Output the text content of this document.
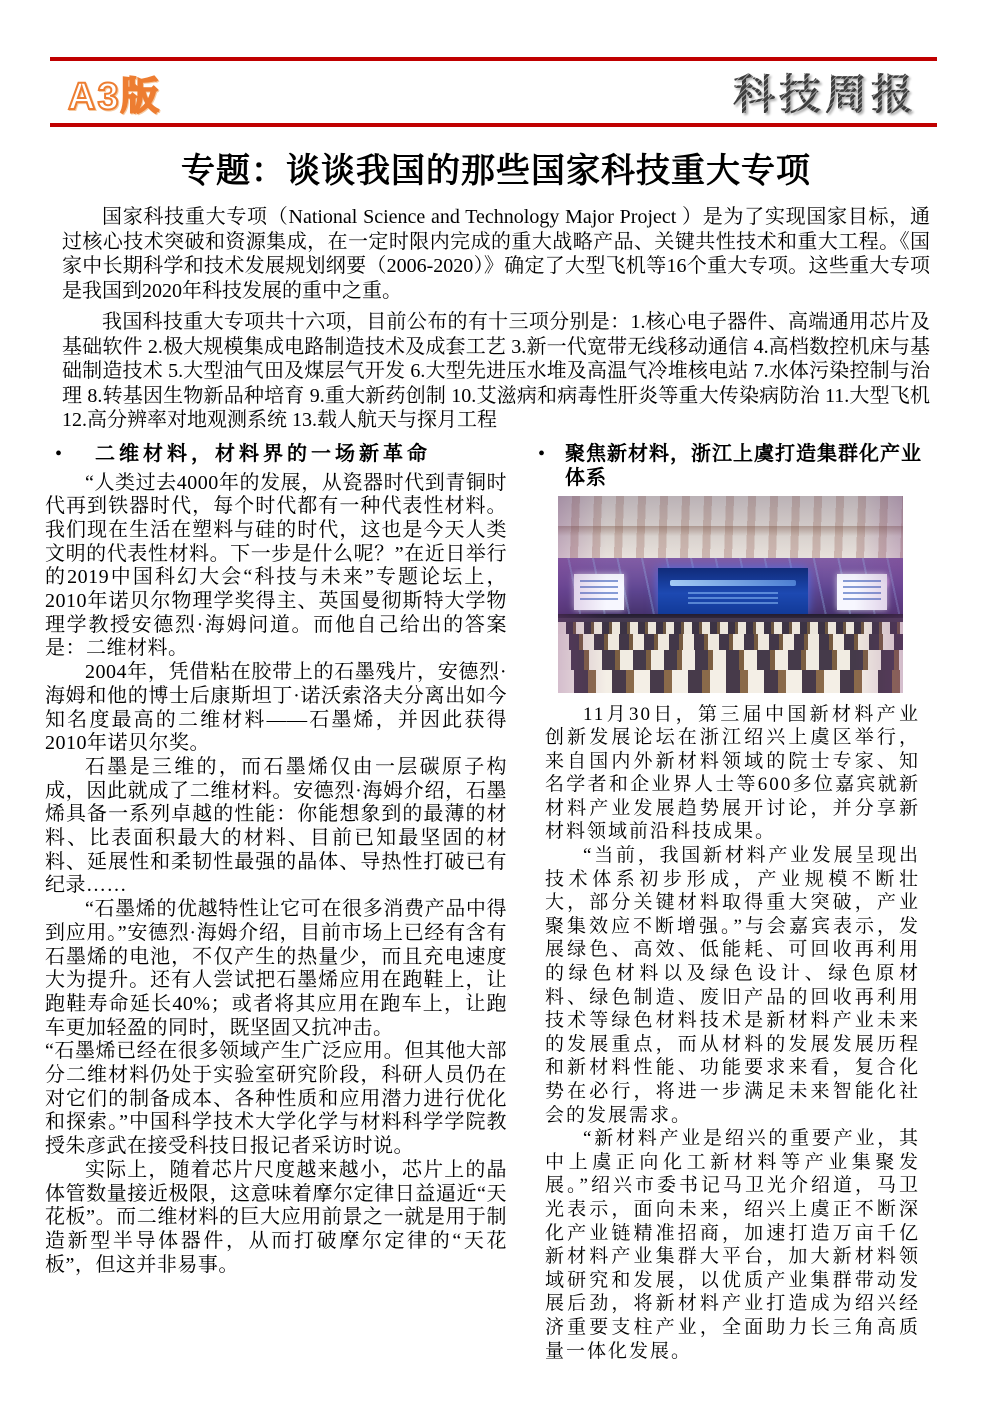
A3版	科技周报
专题：谈谈我国的那些国家科技重大专项

国家科技重大专项（National Science and Technology Major Project ）是为了实现国家目标，通过核心技术突破和资源集成，在一定时限内完成的重大战略产品、关键共性技术和重大工程。《国家中长期科学和技术发展规划纲要（2006-2020）》确定了大型飞机等16个重大专项。这些重大专项是我国到2020年科技发展的重中之重。

我国科技重大专项共十六项，目前公布的有十三项分别是：1.核心电子器件、高端通用芯片及基础软件 2.极大规模集成电路制造技术及成套工艺 3.新一代宽带无线移动通信 4.高档数控机床与基础制造技术 5.大型油气田及煤层气开发 6.大型先进压水堆及高温气冷堆核电站 7.水体污染控制与治理 8.转基因生物新品种培育 9.重大新药创制 10.艾滋病和病毒性肝炎等重大传染病防治 11.大型飞机 12.高分辨率对地观测系统 13.载人航天与探月工程

•	二维材料，材料界的一场新革命

“人类过去4000年的发展，从瓷器时代到青铜时代再到铁器时代，每个时代都有一种代表性材料。我们现在生活在塑料与硅的时代，这也是今天人类文明的代表性材料。下一步是什么呢？”在近日举行的2019中国科幻大会“科技与未来”专题论坛上，2010年诺贝尔物理学奖得主、英国曼彻斯特大学物理学教授安德烈·海姆问道。而他自己给出的答案是：二维材料。

2004年，凭借粘在胶带上的石墨残片，安德烈·海姆和他的博士后康斯坦丁·诺沃索洛夫分离出如今知名度最高的二维材料——石墨烯，并因此获得2010年诺贝尔奖。

石墨是三维的，而石墨烯仅由一层碳原子构成，因此就成了二维材料。安德烈·海姆介绍，石墨烯具备一系列卓越的性能：你能想象到的最薄的材料、比表面积最大的材料、目前已知最坚固的材料、延展性和柔韧性最强的晶体、导热性打破已有纪录……

“石墨烯的优越特性让它可在很多消费产品中得到应用。”安德烈·海姆介绍，目前市场上已经有含有石墨烯的电池，不仅产生的热量少，而且充电速度大为提升。还有人尝试把石墨烯应用在跑鞋上，让跑鞋寿命延长40%；或者将其应用在跑车上，让跑车更加轻盈的同时，既坚固又抗冲击。

“石墨烯已经在很多领域产生广泛应用。但其他大部分二维材料仍处于实验室研究阶段，科研人员仍在对它们的制备成本、各种性质和应用潜力进行优化和探索。”中国科学技术大学化学与材料科学学院教授朱彦武在接受科技日报记者采访时说。

实际上，随着芯片尺度越来越小，芯片上的晶体管数量接近极限，这意味着摩尔定律日益逼近“天花板”。而二维材料的巨大应用前景之一就是用于制造新型半导体器件，从而打破摩尔定律的“天花板”，但这并非易事。

• 聚焦新材料，浙江上虞打造集群化产业体系

11月30日，第三届中国新材料产业创新发展论坛在浙江绍兴上虞区举行，来自国内外新材料领域的院士专家、知名学者和企业界人士等600多位嘉宾就新材料产业发展趋势展开讨论，并分享新材料领域前沿科技成果。

“当前，我国新材料产业发展呈现出技术体系初步形成，产业规模不断壮大，部分关键材料取得重大突破，产业聚集效应不断增强。”与会嘉宾表示，发展绿色、高效、低能耗、可回收再利用的绿色材料以及绿色设计、绿色原材料、绿色制造、废旧产品的回收再利用技术等绿色材料技术是新材料产业未来的发展重点，而从材料的发展发展历程和新材料性能、功能要求来看，复合化势在必行，将进一步满足未来智能化社会的发展需求。

“新材料产业是绍兴的重要产业，其中上虞正向化工新材料等产业集聚发展。”绍兴市委书记马卫光介绍道，马卫光表示，面向未来，绍兴上虞正不断深化产业链精准招商，加速打造万亩千亿新材料产业集群大平台，加大新材料领域研究和发展，以优质产业集群带动发展后劲，将新材料产业打造成为绍兴经济重要支柱产业，全面助力长三角高质量一体化发展。
